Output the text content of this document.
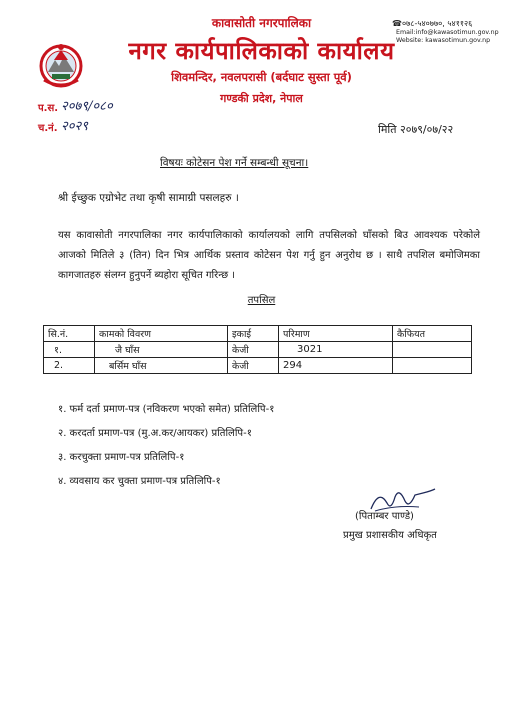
कावासोती नगरपालिका
नगर कार्यपालिकाको कार्यालय
शिवमन्दिर, नवलपरासी (बर्दघाट सुस्ता पूर्व)
गण्डकी प्रदेश, नेपाल
☎०७८-५४०७७०, ५४११२६
Email:info@kawasotimun.gov.np
Website: kawasotimun.gov.np
प.स. २०७९/०८०
च.नं. २०२९	मिति २०७९/०७/२२
विषयः कोटेसन पेश गर्ने सम्बन्धी सूचना।
श्री ईच्छुक एग्रोभेट तथा कृषी सामाग्री पसलहरु ।
यस कावासोती नगरपालिका नगर कार्यपालिकाको कार्यालयको लागि तपसिलको घाँसको बिउ आवश्यक परेकोले आजको मितिले ३ (तिन) दिन भित्र आर्थिक प्रस्ताव कोटेसन पेश गर्नु हुन अनुरोध छ । साथै तपशिल बमोजिमका कागजातहरु संलग्न हुनुपर्ने ब्यहोरा सूचित गरिन्छ ।
तपसिल
सि.नं.	कामको विवरण	इकाई	परिमाण	कैफियत
१.	जै घाँस	केजी	3021	
2.	बर्सिम घाँस	केजी	294	
१. फर्म दर्ता प्रमाण-पत्र (नविकरण भएको समेत) प्रतिलिपि-१
२. करदर्ता प्रमाण-पत्र (मु.अ.कर/आयकर) प्रतिलिपि-१
३. करचुक्ता प्रमाण-पत्र प्रतिलिपि-१
४. व्यवसाय कर चुक्ता प्रमाण-पत्र प्रतिलिपि-१
(पिताम्बर पाण्डे)
प्रमुख प्रशासकीय अधिकृत
